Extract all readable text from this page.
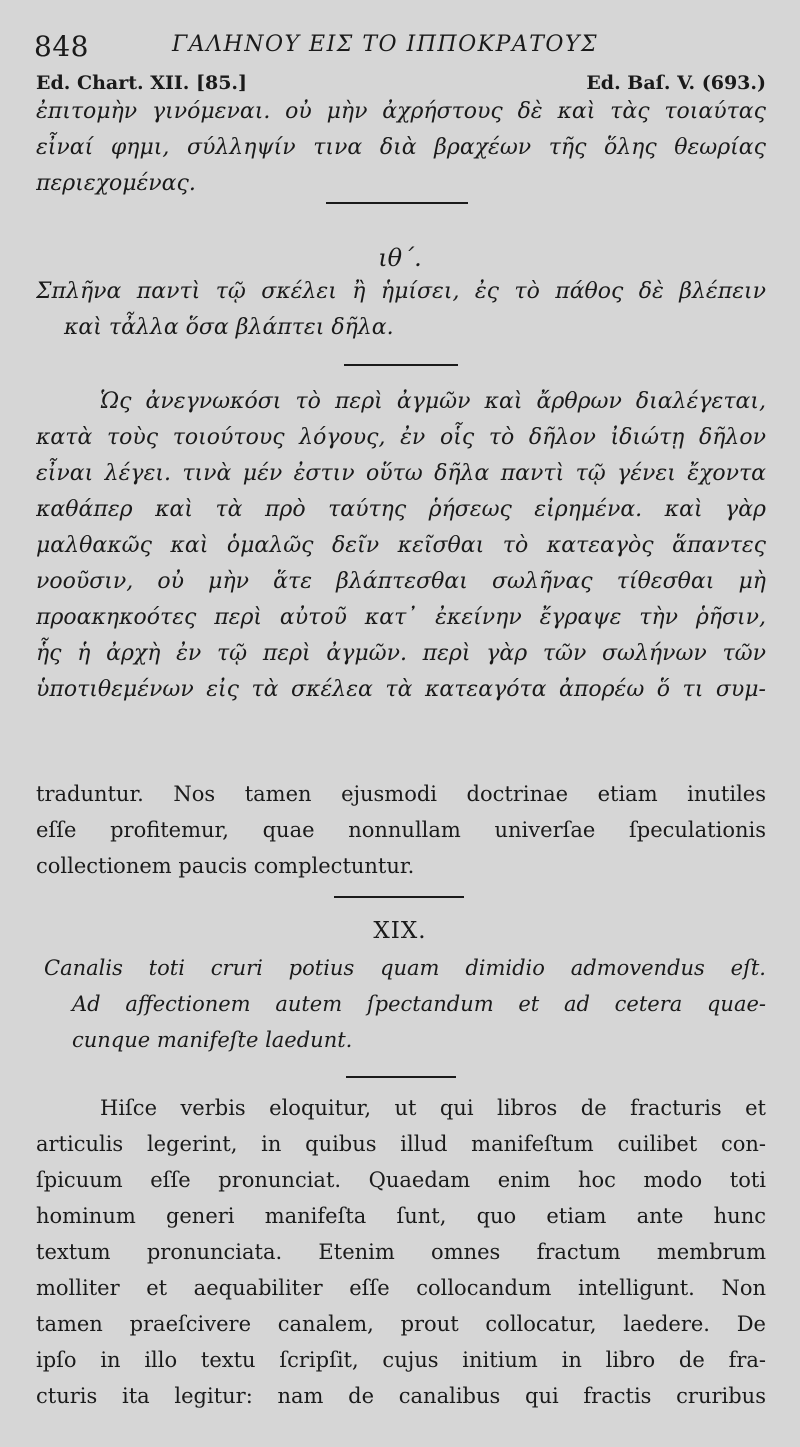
848	ΓΑΛΗΝΟΥ ΕΙΣ ΤΟ ΙΠΠΟΚΡΑΤΟΥΣ
Ed. Chart. XII. [85.]	Ed. Baſ. V. (693.)
ἐπιτομὴν γινόμεναι. οὐ μὴν ἀχρήστους δὲ καὶ τὰς τοιαύτας
εἶναί φημι, σύλληψίν τινα διὰ βραχέων τῆς ὅλης θεωρίας
περιεχομένας.
ιθ΄.
Σπλῆνα παντὶ τῷ σκέλει ἢ ἡμίσει, ἐς τὸ πάθος δὲ βλέπειν
καὶ τἆλλα ὅσα βλάπτει δῆλα.
Ὡς ἀνεγνωκόσι τὸ περὶ ἀγμῶν καὶ ἄρθρων διαλέγεται,
κατὰ τοὺς τοιούτους λόγους, ἐν οἷς τὸ δῆλον ἰδιώτῃ δῆλον
εἶναι λέγει. τινὰ μέν ἐστιν οὕτω δῆλα παντὶ τῷ γένει ἔχοντα
καθάπερ καὶ τὰ πρὸ ταύτης ῥήσεως εἰρημένα. καὶ γὰρ
μαλθακῶς καὶ ὁμαλῶς δεῖν κεῖσθαι τὸ κατεαγὸς ἅπαντες
νοοῦσιν, οὐ μὴν ἅτε βλάπτεσθαι σωλῆνας τίθεσθαι μὴ
προακηκοότες περὶ αὐτοῦ κατ᾽ ἐκείνην ἔγραψε τὴν ῥῆσιν,
ἧς ἡ ἀρχὴ ἐν τῷ περὶ ἀγμῶν. περὶ γὰρ τῶν σωλήνων τῶν
ὑποτιθεμένων εἰς τὰ σκέλεα τὰ κατεαγότα ἀπορέω ὅ τι συμ-
traduntur. Nos tamen ejusmodi doctrinae etiam inutiles
eſſe profitemur, quae nonnullam univerſae ſpeculationis
collectionem paucis complectuntur.
XIX.
Canalis toti cruri potius quam dimidio admovendus eſt.
Ad affectionem autem ſpectandum et ad cetera quae-
cunque manifeſte laedunt.
Hiſce verbis eloquitur, ut qui libros de fracturis et
articulis legerint, in quibus illud manifeſtum cuilibet con-
ſpicuum eſſe pronunciat. Quaedam enim hoc modo toti
hominum generi manifeſta ſunt, quo etiam ante hunc
textum pronunciata. Etenim omnes fractum membrum
molliter et aequabiliter eſſe collocandum intelligunt. Non
tamen praeſcivere canalem, prout collocatur, laedere. De
ipſo in illo textu ſcripſit, cujus initium in libro de fra-
cturis ita legitur: nam de canalibus qui fractis cruribus
